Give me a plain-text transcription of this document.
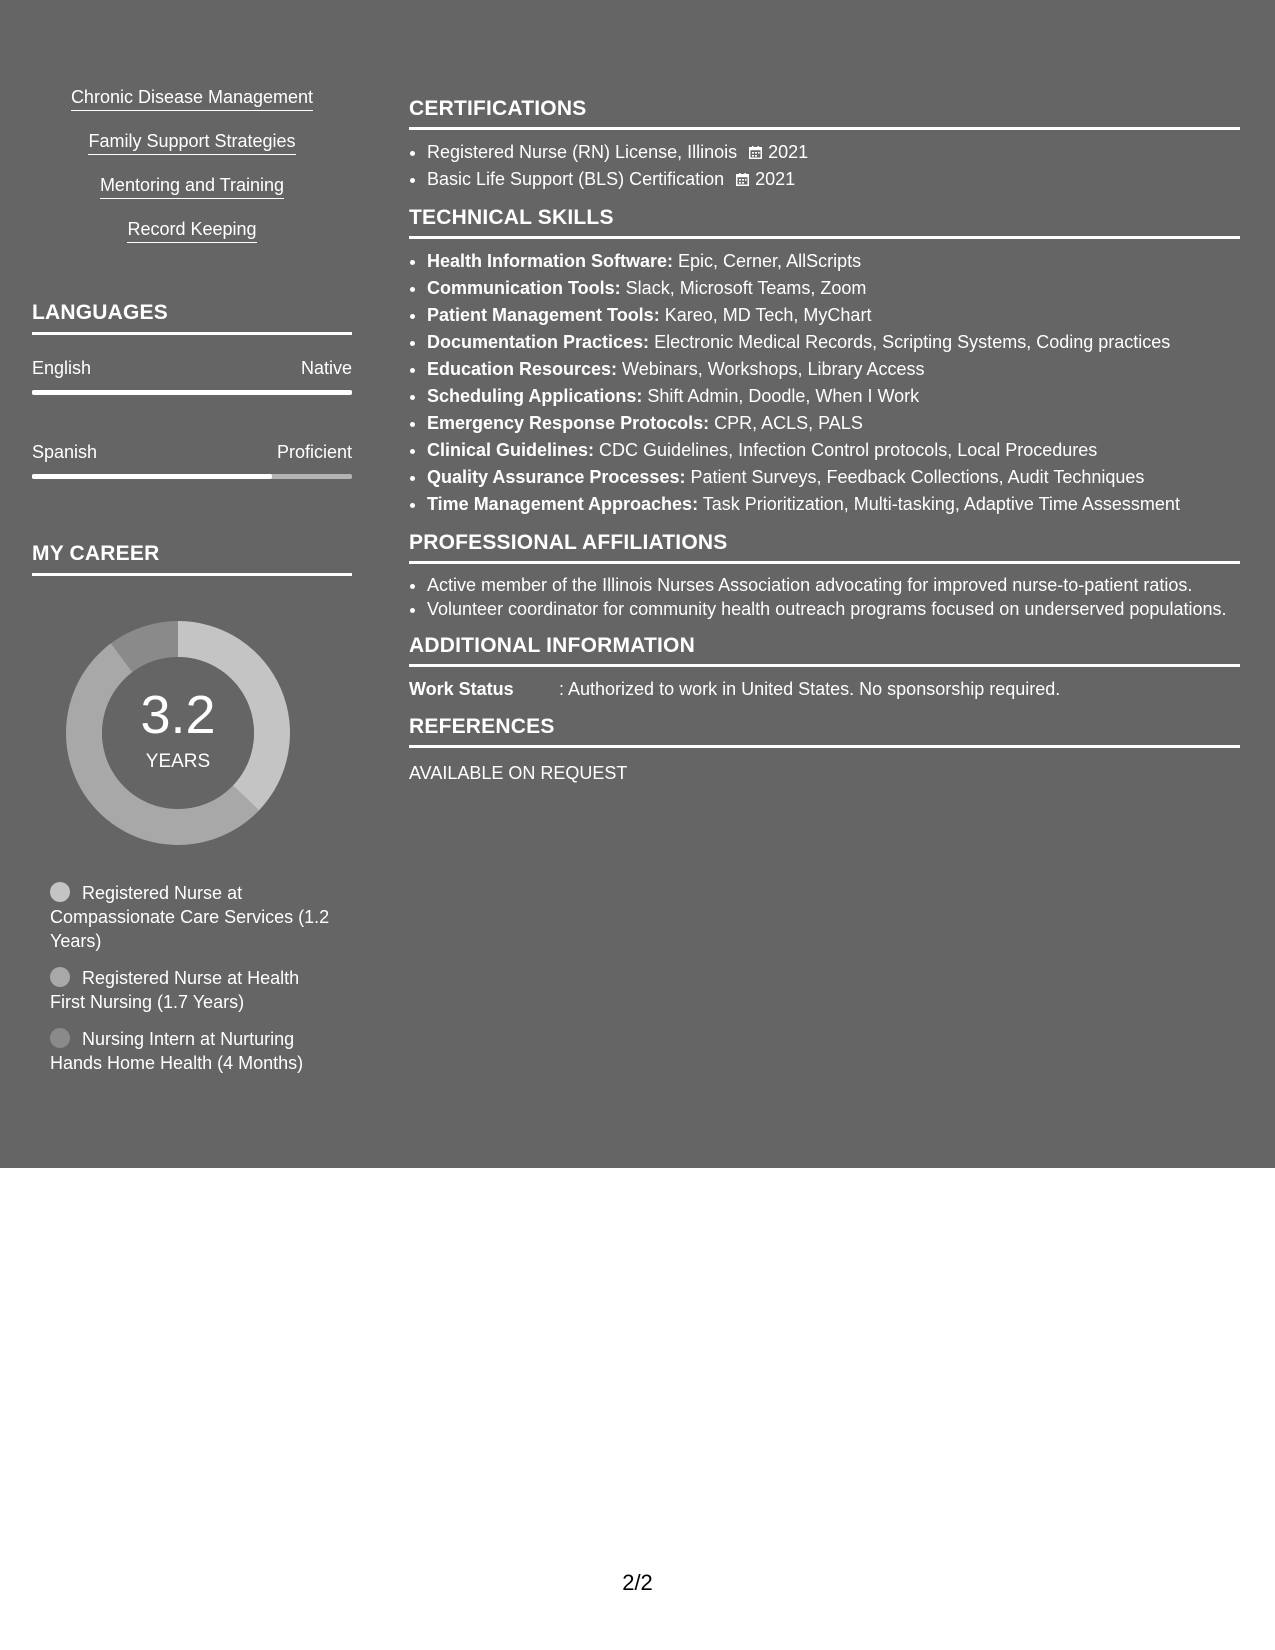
Chronic Disease Management
Family Support Strategies
Mentoring and Training
Record Keeping
LANGUAGES
English	Native
Spanish	Proficient
MY CAREER
3.2
YEARS
Registered Nurse at Compassionate Care Services (1.2 Years)
Registered Nurse at Health First Nursing (1.7 Years)
Nursing Intern at Nurturing Hands Home Health (4 Months)
CERTIFICATIONS
• Registered Nurse (RN) License, Illinois 2021
• Basic Life Support (BLS) Certification 2021
TECHNICAL SKILLS
• Health Information Software: Epic, Cerner, AllScripts
• Communication Tools: Slack, Microsoft Teams, Zoom
• Patient Management Tools: Kareo, MD Tech, MyChart
• Documentation Practices: Electronic Medical Records, Scripting Systems, Coding practices
• Education Resources: Webinars, Workshops, Library Access
• Scheduling Applications: Shift Admin, Doodle, When I Work
• Emergency Response Protocols: CPR, ACLS, PALS
• Clinical Guidelines: CDC Guidelines, Infection Control protocols, Local Procedures
• Quality Assurance Processes: Patient Surveys, Feedback Collections, Audit Techniques
• Time Management Approaches: Task Prioritization, Multi-tasking, Adaptive Time Assessment
PROFESSIONAL AFFILIATIONS
• Active member of the Illinois Nurses Association advocating for improved nurse-to-patient ratios.
• Volunteer coordinator for community health outreach programs focused on underserved populations.
ADDITIONAL INFORMATION
Work Status	: Authorized to work in United States. No sponsorship required.
REFERENCES
AVAILABLE ON REQUEST
2/2
